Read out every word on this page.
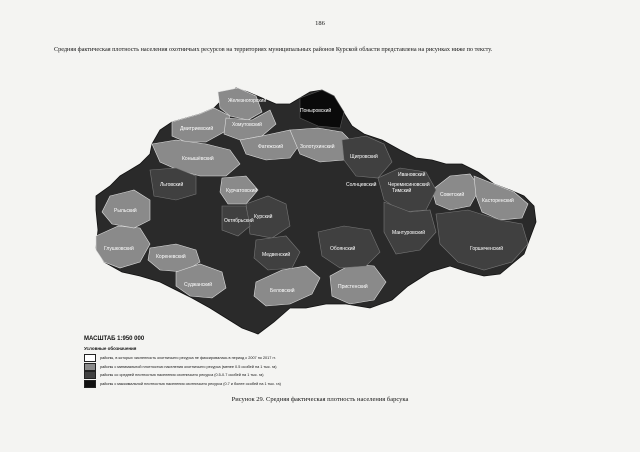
186
Средняя фактическая плотность населения охотничьих ресурсов на территориях муниципальных районов Курской области представлена на рисунках ниже по тексту.
Железногорский
Дмитриевский
Хомутовский
Фатежский	Золотухинский
Курчатовский
Конышёвский
Льговский
Октябрьский
Курский
Глушковский
Рыльский
Кореневский
Суджанский
Медвенский
Щигровский
Тимский
Мантуровский
Обоянский
Советский
Касторенский
Горшеченский
Беловский
Пристенский
Ивановский
Солнцевский
Поныровский
Черемисиновский
МАСШТАБ 1:950 000
Условные обозначения
районы, в которых численность охотничьего ресурса не фиксировалась в период с 2007 по 2017 гг.
районы с минимальной плотностью населения охотничьего ресурса (менее 0.5 особей на 1 тыс. га)
районы со средней плотностью населения охотничьего ресурса (0.5-0.7 особей на 1 тыс. га)
районы с максимальной плотностью населения охотничьего ресурса (0.7 и более особей на 1 тыс. га)
Рисунок 29. Средняя фактическая плотность населения барсука
